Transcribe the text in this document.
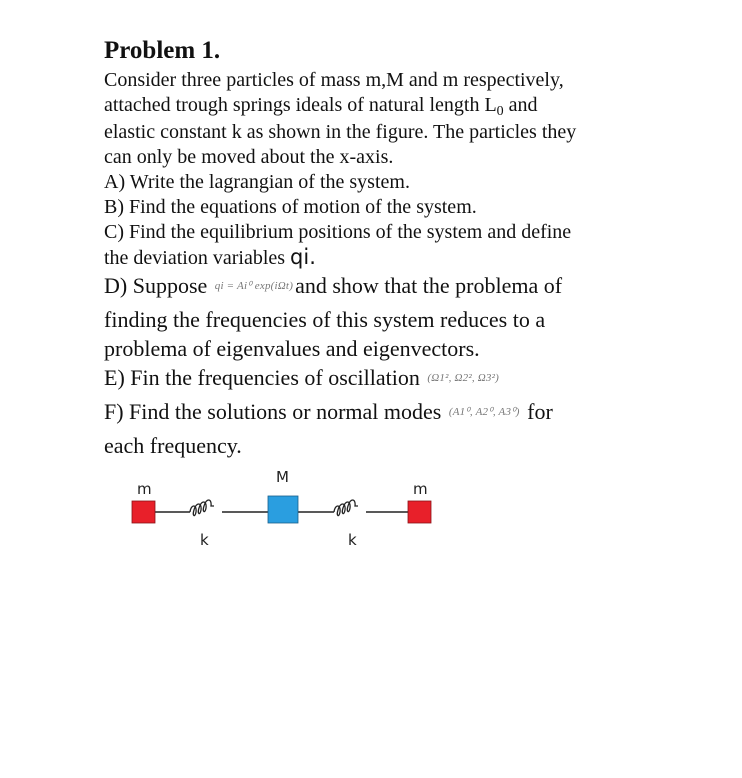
Problem 1.
Consider three particles of mass m,M and m respectively,
attached trough springs ideals of natural length $L_0$ and
elastic constant k as shown in the figure. The particles they
can only be moved about the x-axis.
A) Write the lagrangian of the system.
B) Find the equations of motion of the system.
C) Find the equilibrium positions of the system and define
the deviation variables qi.
D) Suppose qi = Ai⁰ exp(iΩt)and show that the problema of
finding the frequencies of this system reduces to a
problema of eigenvalues and eigenvectors.
E) Fin the frequencies of oscillation (Ω1², Ω2², Ω3²)
F) Find the solutions or normal modes (A1⁰, A2⁰, A3⁰) for
each frequency.
m
M
m
k	k
